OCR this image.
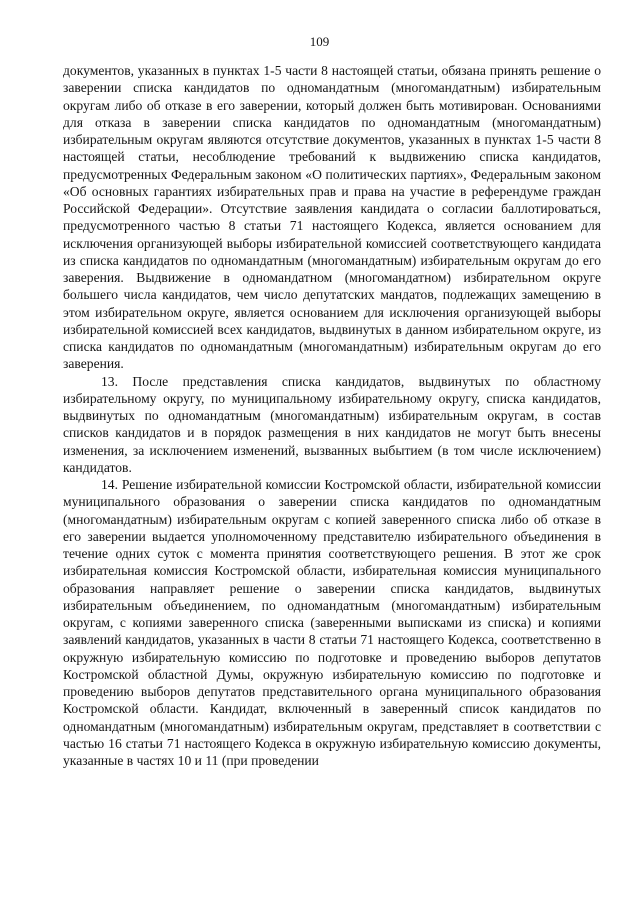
109

документов, указанных в пунктах 1-5 части 8 настоящей статьи, обязана принять решение о заверении списка кандидатов по одномандатным (многомандатным) избирательным округам либо об отказе в его заверении, который должен быть мотивирован. Основаниями для отказа в заверении списка кандидатов по одномандатным (многомандатным) избирательным округам являются отсутствие документов, указанных в пунктах 1-5 части 8 настоящей статьи, несоблюдение требований к выдвижению списка кандидатов, предусмотренных Федеральным законом «О политических партиях», Федеральным законом «Об основных гарантиях избирательных прав и права на участие в референдуме граждан Российской Федерации». Отсутствие заявления кандидата о согласии баллотироваться, предусмотренного частью 8 статьи 71 настоящего Кодекса, является основанием для исключения организующей выборы избирательной комиссией соответствующего кандидата из списка кандидатов по одномандатным (многомандатным) избирательным округам до его заверения. Выдвижение в одномандатном (многомандатном) избирательном округе большего числа кандидатов, чем число депутатских мандатов, подлежащих замещению в этом избирательном округе, является основанием для исключения организующей выборы избирательной комиссией всех кандидатов, выдвинутых в данном избирательном округе, из списка кандидатов по одномандатным (многомандатным) избирательным округам до его заверения.

13. После представления списка кандидатов, выдвинутых по областному избирательному округу, по муниципальному избирательному округу, списка кандидатов, выдвинутых по одномандатным (многомандатным) избирательным округам, в состав списков кандидатов и в порядок размещения в них кандидатов не могут быть внесены изменения, за исключением изменений, вызванных выбытием (в том числе исключением) кандидатов.

14. Решение избирательной комиссии Костромской области, избирательной комиссии муниципального образования о заверении списка кандидатов по одномандатным (многомандатным) избирательным округам с копией заверенного списка либо об отказе в его заверении выдается уполномоченному представителю избирательного объединения в течение одних суток с момента принятия соответствующего решения. В этот же срок избирательная комиссия Костромской области, избирательная комиссия муниципального образования направляет решение о заверении списка кандидатов, выдвинутых избирательным объединением, по одномандатным (многомандатным) избирательным округам, с копиями заверенного списка (заверенными выписками из списка) и копиями заявлений кандидатов, указанных в части 8 статьи 71 настоящего Кодекса, соответственно в окружную избирательную комиссию по подготовке и проведению выборов депутатов Костромской областной Думы, окружную избирательную комиссию по подготовке и проведению выборов депутатов представительного органа муниципального образования Костромской области. Кандидат, включенный в заверенный список кандидатов по одномандатным (многомандатным) избирательным округам, представляет в соответствии с частью 16 статьи 71 настоящего Кодекса в окружную избирательную комиссию документы, указанные в частях 10 и 11 (при проведении
